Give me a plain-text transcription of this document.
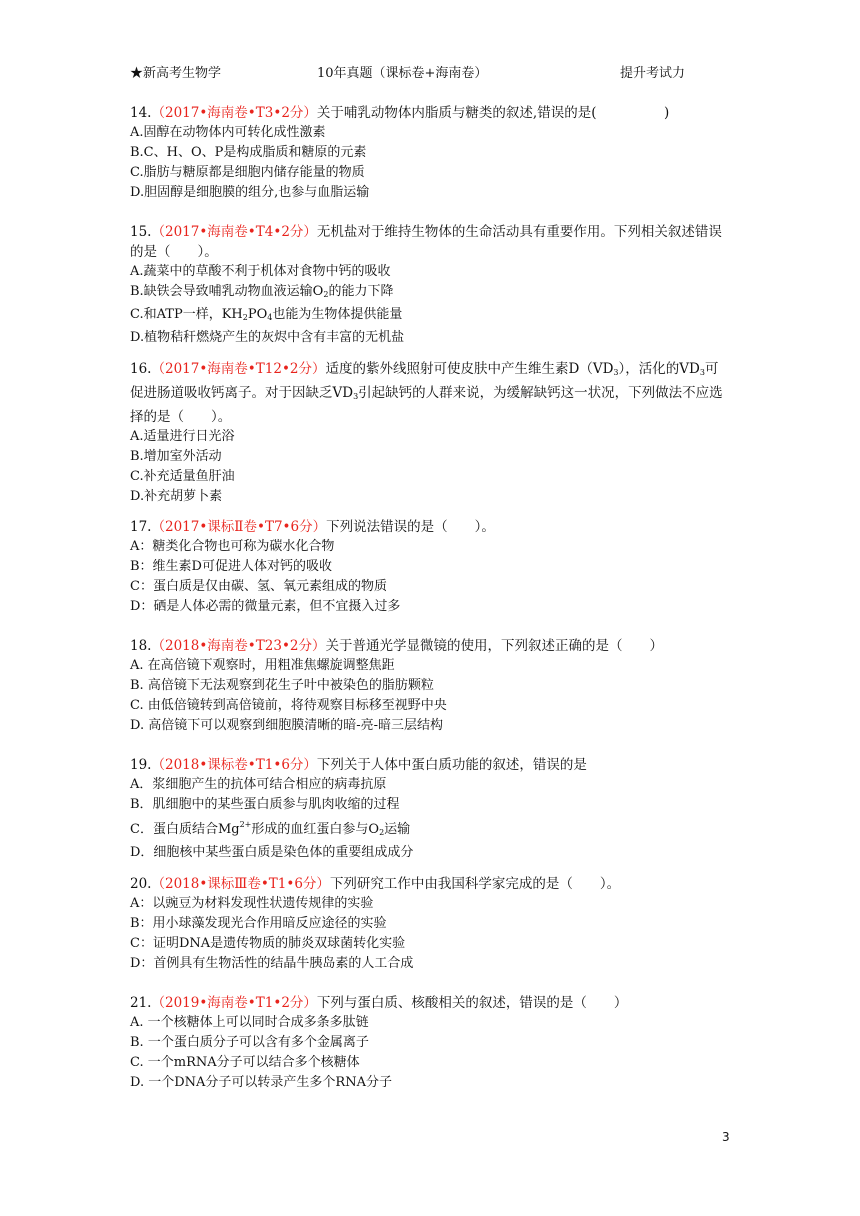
★新高考生物学	10年真题（课标卷+海南卷）	提升考试力
14.（2017•海南卷•T3•2分）关于哺乳动物体内脂质与糖类的叙述,错误的是(　　　　　)
A.固醇在动物体内可转化成性激素
B.C、H、O、P是构成脂质和糖原的元素
C.脂肪与糖原都是细胞内储存能量的物质
D.胆固醇是细胞膜的组分,也参与血脂运输
15.（2017•海南卷•T4•2分）无机盐对于维持生物体的生命活动具有重要作用。下列相关叙述错误的是（　　）。
A.蔬菜中的草酸不利于机体对食物中钙的吸收
B.缺铁会导致哺乳动物血液运输$O_2$的能力下降
C.和ATP一样，$KH_2PO_4$也能为生物体提供能量
D.植物秸秆燃烧产生的灰烬中含有丰富的无机盐
16.（2017•海南卷•T12•2分）适度的紫外线照射可使皮肤中产生维生素$D(VD_3)$，活化的$VD_3$可促进肠道吸收钙离子。对于因缺乏$VD_3$引起缺钙的人群来说，为缓解缺钙这一状况，下列做法不应选择的是（　　）。
A.适量进行日光浴
B.增加室外活动
C.补充适量鱼肝油
D.补充胡萝卜素
17.（2017•课标Ⅱ卷•T7•6分）下列说法错误的是（　　）。
A：糖类化合物也可称为碳水化合物
B：维生素D可促进人体对钙的吸收
C：蛋白质是仅由碳、氢、氧元素组成的物质
D：硒是人体必需的微量元素，但不宜摄入过多
18.（2018•海南卷•T23•2分）关于普通光学显微镜的使用，下列叙述正确的是（　　）
A. 在高倍镜下观察时，用粗准焦螺旋调整焦距
B. 高倍镜下无法观察到花生子叶中被染色的脂肪颗粒
C. 由低倍镜转到高倍镜前，将待观察目标移至视野中央
D. 高倍镜下可以观察到细胞膜清晰的暗-亮-暗三层结构
19.（2018•课标卷•T1•6分）下列关于人体中蛋白质功能的叙述，错误的是
A．浆细胞产生的抗体可结合相应的病毒抗原
B．肌细胞中的某些蛋白质参与肌肉收缩的过程
C．蛋白质结合$Mg^{2+}$形成的血红蛋白参与$O_2$运输
D．细胞核中某些蛋白质是染色体的重要组成成分
20.（2018•课标Ⅲ卷•T1•6分）下列研究工作中由我国科学家完成的是（　　）。
A：以豌豆为材料发现性状遗传规律的实验
B：用小球藻发现光合作用暗反应途径的实验
C：证明DNA是遗传物质的肺炎双球菌转化实验
D：首例具有生物活性的结晶牛胰岛素的人工合成
21.（2019•海南卷•T1•2分）下列与蛋白质、核酸相关的叙述，错误的是（　　）
A. 一个核糖体上可以同时合成多条多肽链
B. 一个蛋白质分子可以含有多个金属离子
C. 一个mRNA分子可以结合多个核糖体
D. 一个DNA分子可以转录产生多个RNA分子
3
